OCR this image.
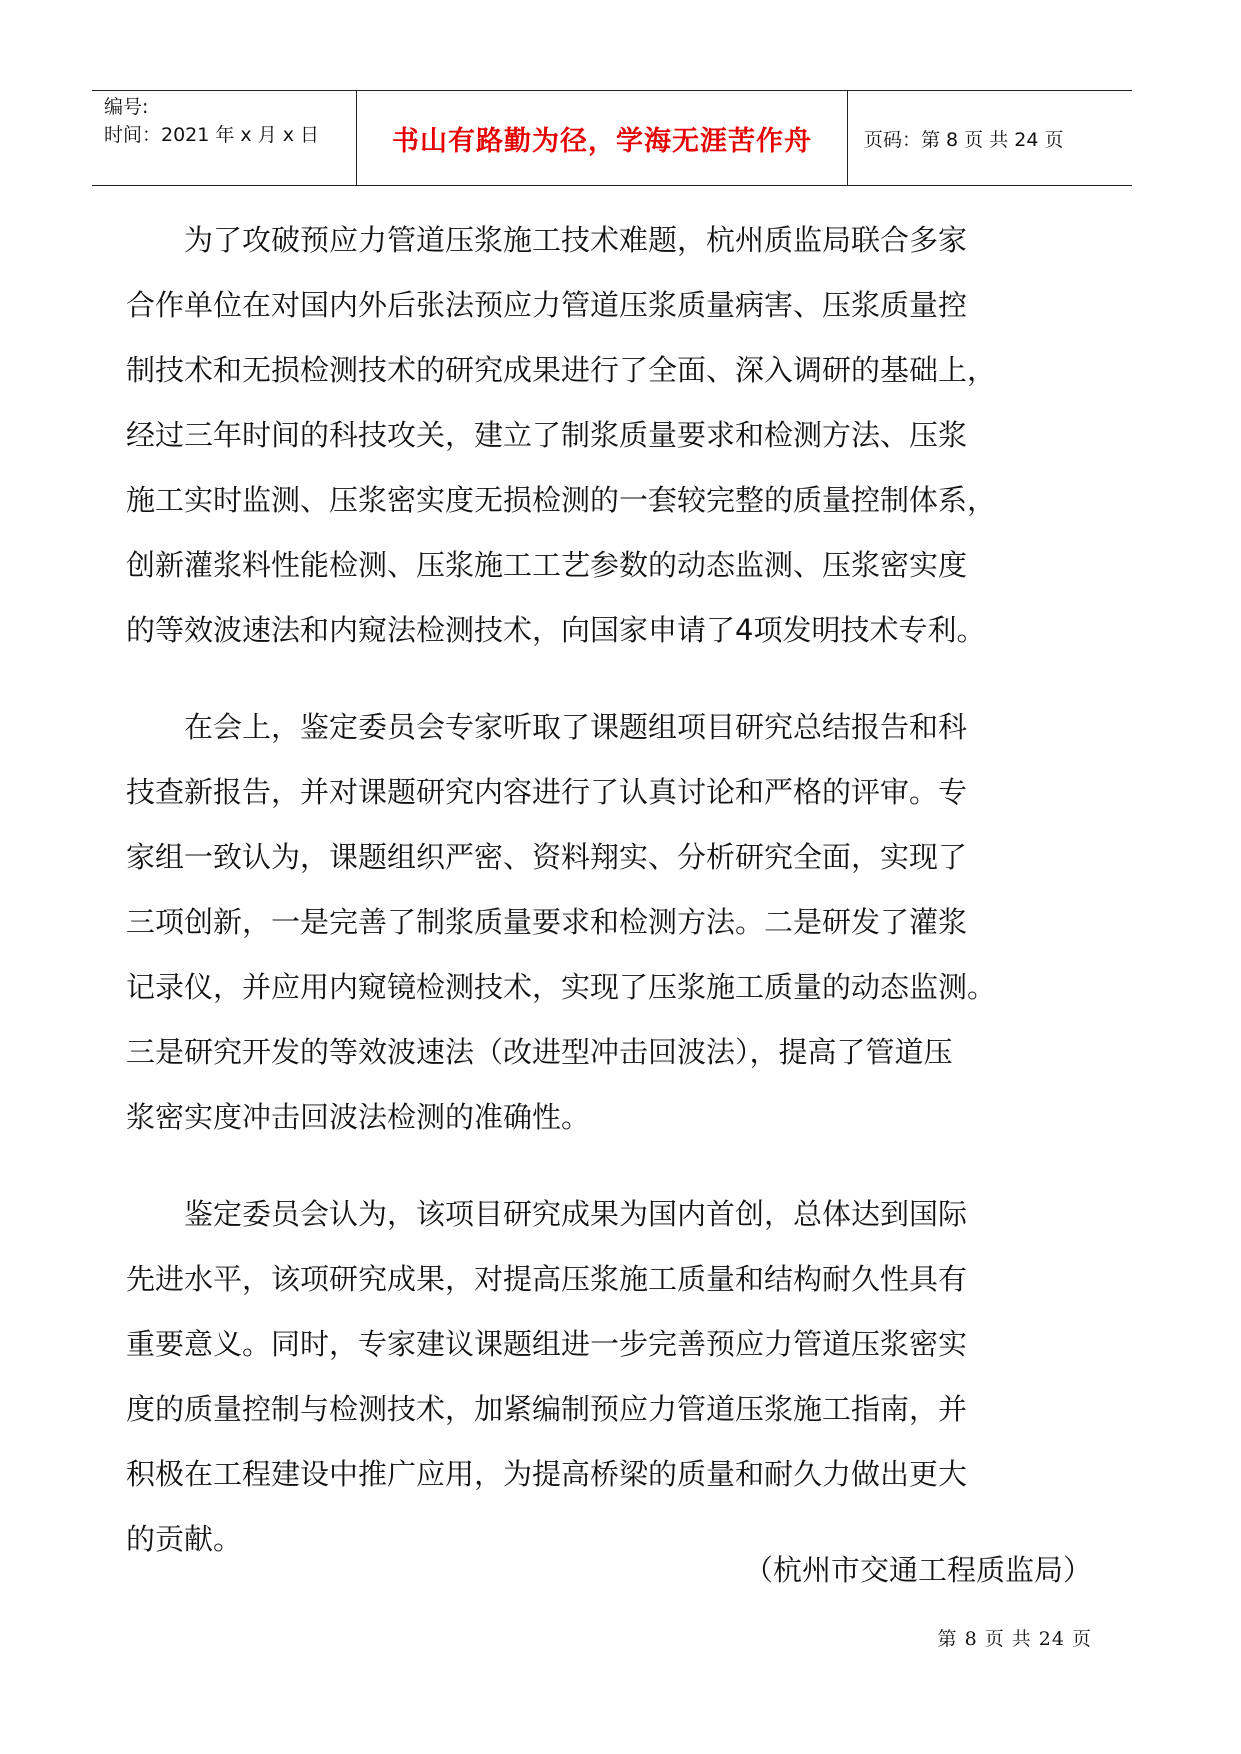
编号:
时间：2021 年 x 月 x 日	书山有路勤为径，学海无涯苦作舟	页码：第 8 页 共 24 页
　　为了攻破预应力管道压浆施工技术难题，杭州质监局联合多家
合作单位在对国内外后张法预应力管道压浆质量病害、压浆质量控
制技术和无损检测技术的研究成果进行了全面、深入调研的基础上，
经过三年时间的科技攻关，建立了制浆质量要求和检测方法、压浆
施工实时监测、压浆密实度无损检测的一套较完整的质量控制体系，
创新灌浆料性能检测、压浆施工工艺参数的动态监测、压浆密实度
的等效波速法和内窥法检测技术，向国家申请了4项发明技术专利。
　　在会上，鉴定委员会专家听取了课题组项目研究总结报告和科
技查新报告，并对课题研究内容进行了认真讨论和严格的评审。专
家组一致认为，课题组织严密、资料翔实、分析研究全面，实现了
三项创新，一是完善了制浆质量要求和检测方法。二是研发了灌浆
记录仪，并应用内窥镜检测技术，实现了压浆施工质量的动态监测。
三是研究开发的等效波速法（改进型冲击回波法），提高了管道压
浆密实度冲击回波法检测的准确性。
　　鉴定委员会认为，该项目研究成果为国内首创，总体达到国际
先进水平，该项研究成果，对提高压浆施工质量和结构耐久性具有
重要意义。同时，专家建议课题组进一步完善预应力管道压浆密实
度的质量控制与检测技术，加紧编制预应力管道压浆施工指南，并
积极在工程建设中推广应用，为提高桥梁的质量和耐久力做出更大
的贡献。
（杭州市交通工程质监局）
第 8 页 共 24 页
